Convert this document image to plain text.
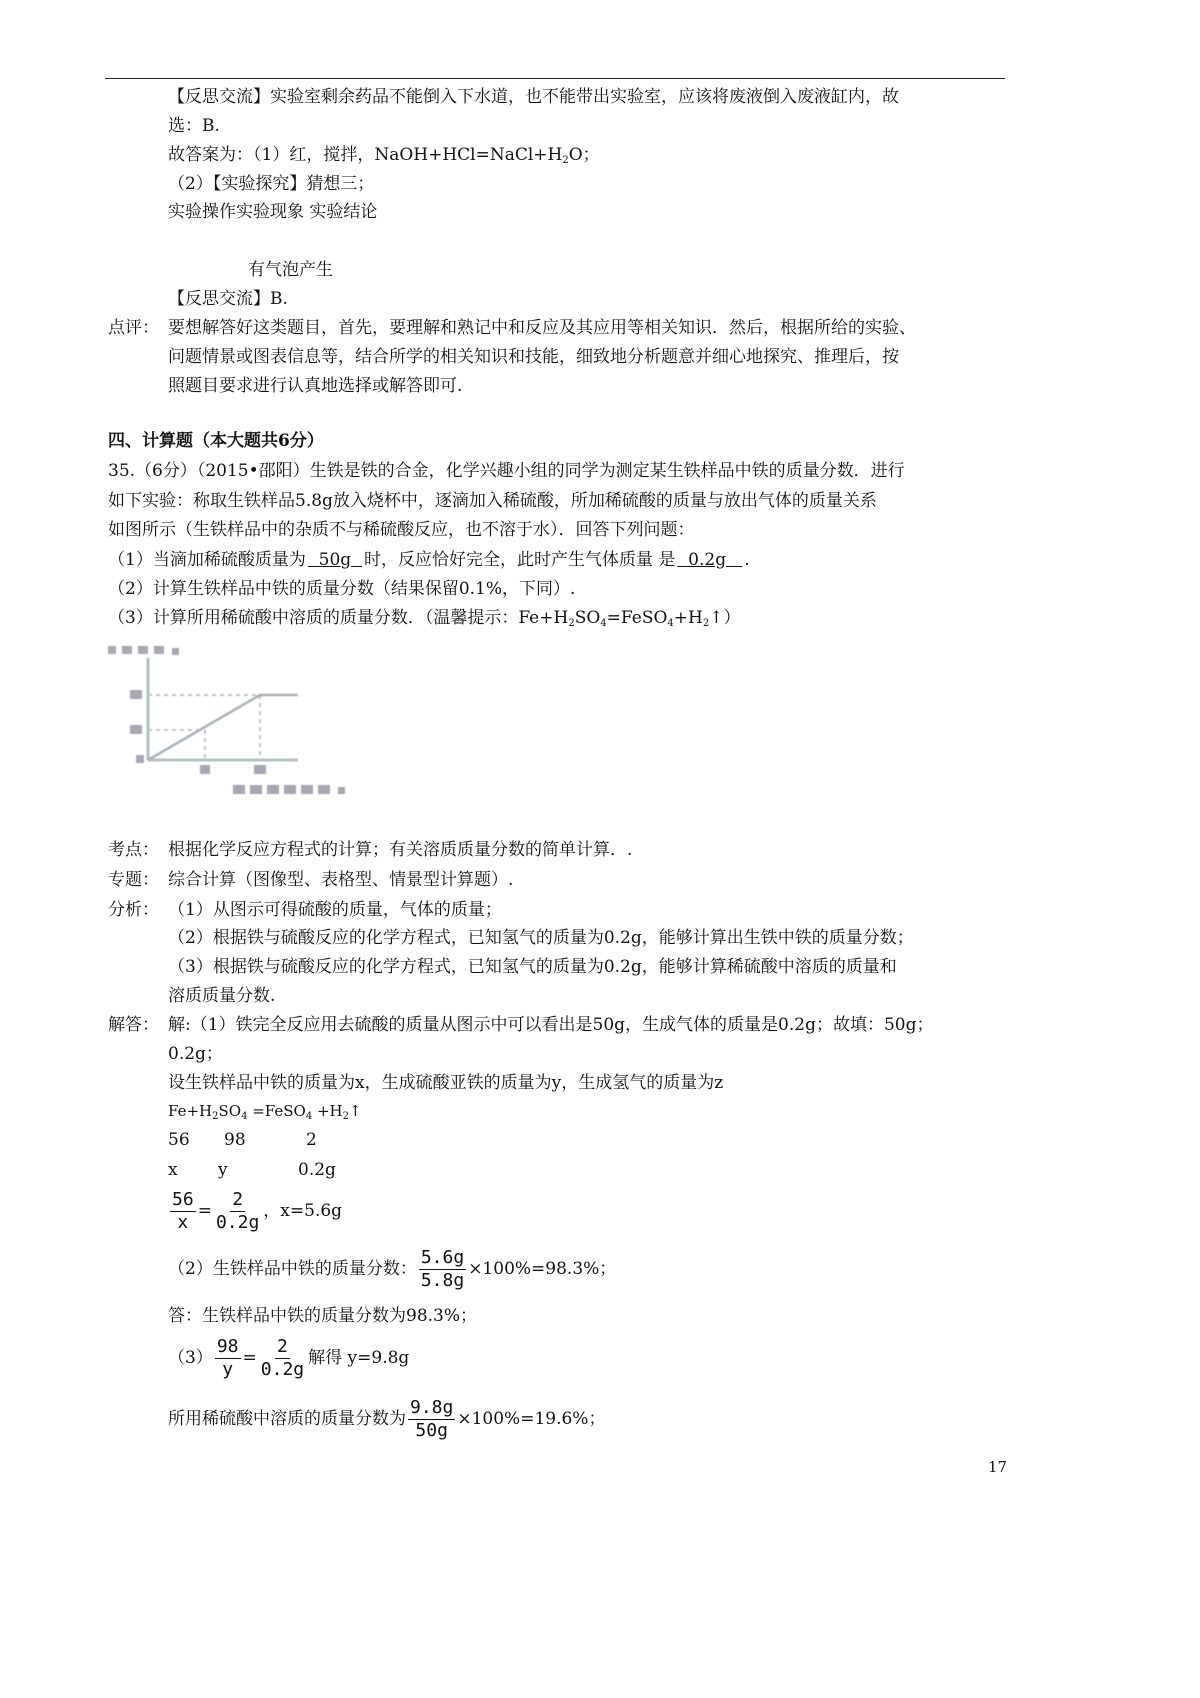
【反思交流】实验室剩余药品不能倒入下水道，也不能带出实验室，应该将废液倒入废液缸内，故
选：B.
故答案为：（1）红，搅拌，$NaOH+HCl=NaCl+H_2O$；
（2）【实验探究】猜想三；
实验操作实验现象 实验结论
有气泡产生
【反思交流】B.
点评： 要想解答好这类题目，首先，要理解和熟记中和反应及其应用等相关知识．然后，根据所给的实验、
问题情景或图表信息等，结合所学的相关知识和技能，细致地分析题意并细心地探究、推理后，按
照题目要求进行认真地选择或解答即可.
四、计算题（本大题共6分）
35.（6分）（2015•邵阳）生铁是铁的合金，化学兴趣小组的同学为测定某生铁样品中铁的质量分数．进行
如下实验：称取生铁样品5.8g放入烧杯中，逐滴加入稀硫酸，所加稀硫酸的质量与放出气体的质量关系
如图所示（生铁样品中的杂质不与稀硫酸反应，也不溶于水）．回答下列问题：
（1）当滴加稀硫酸质量为  50g  时，反应恰好完全，此时产生气体质量 是  0.2g   .
（2）计算生铁样品中铁的质量分数（结果保留0.1%，下同）.
（3）计算所用稀硫酸中溶质的质量分数．（温馨提示：$Fe+H_2SO_4=FeSO_4+H_2↑$）
考点： 根据化学反应方程式的计算；有关溶质质量分数的简单计算．.
专题： 综合计算（图像型、表格型、情景型计算题）.
分析： （1）从图示可得硫酸的质量，气体的质量；
（2）根据铁与硫酸反应的化学方程式，已知氢气的质量为0.2g，能够计算出生铁中铁的质量分数；
（3）根据铁与硫酸反应的化学方程式，已知氢气的质量为0.2g，能够计算稀硫酸中溶质的质量和
溶质质量分数.
解答： 解:（1）铁完全反应用去硫酸的质量从图示中可以看出是50g，生成气体的质量是0.2g；故填：50g；
0.2g；
设生铁样品中铁的质量为x，生成硫酸亚铁的质量为y，生成氢气的质量为z
$Fe+H_2SO_4$ =FeSO$_4$ $+H_2↑$
56 98	2
x y	0.2g
$\frac{56}{x} = \frac{2}{0.2g}$ ，x=5.6g
（2）生铁样品中铁的质量分数： $\frac{5.6g}{5.8g} \times 100\%=98.3\%$；
答：生铁样品中铁的质量分数为98.3%；
$(3) \frac{98}{y} = \frac{2}{0.2g}$ 解得 y=9.8g
所用稀硫酸中溶质的质量分数为 $\frac{9.8g}{50g} \times 100\%=19.6\%$；
17
